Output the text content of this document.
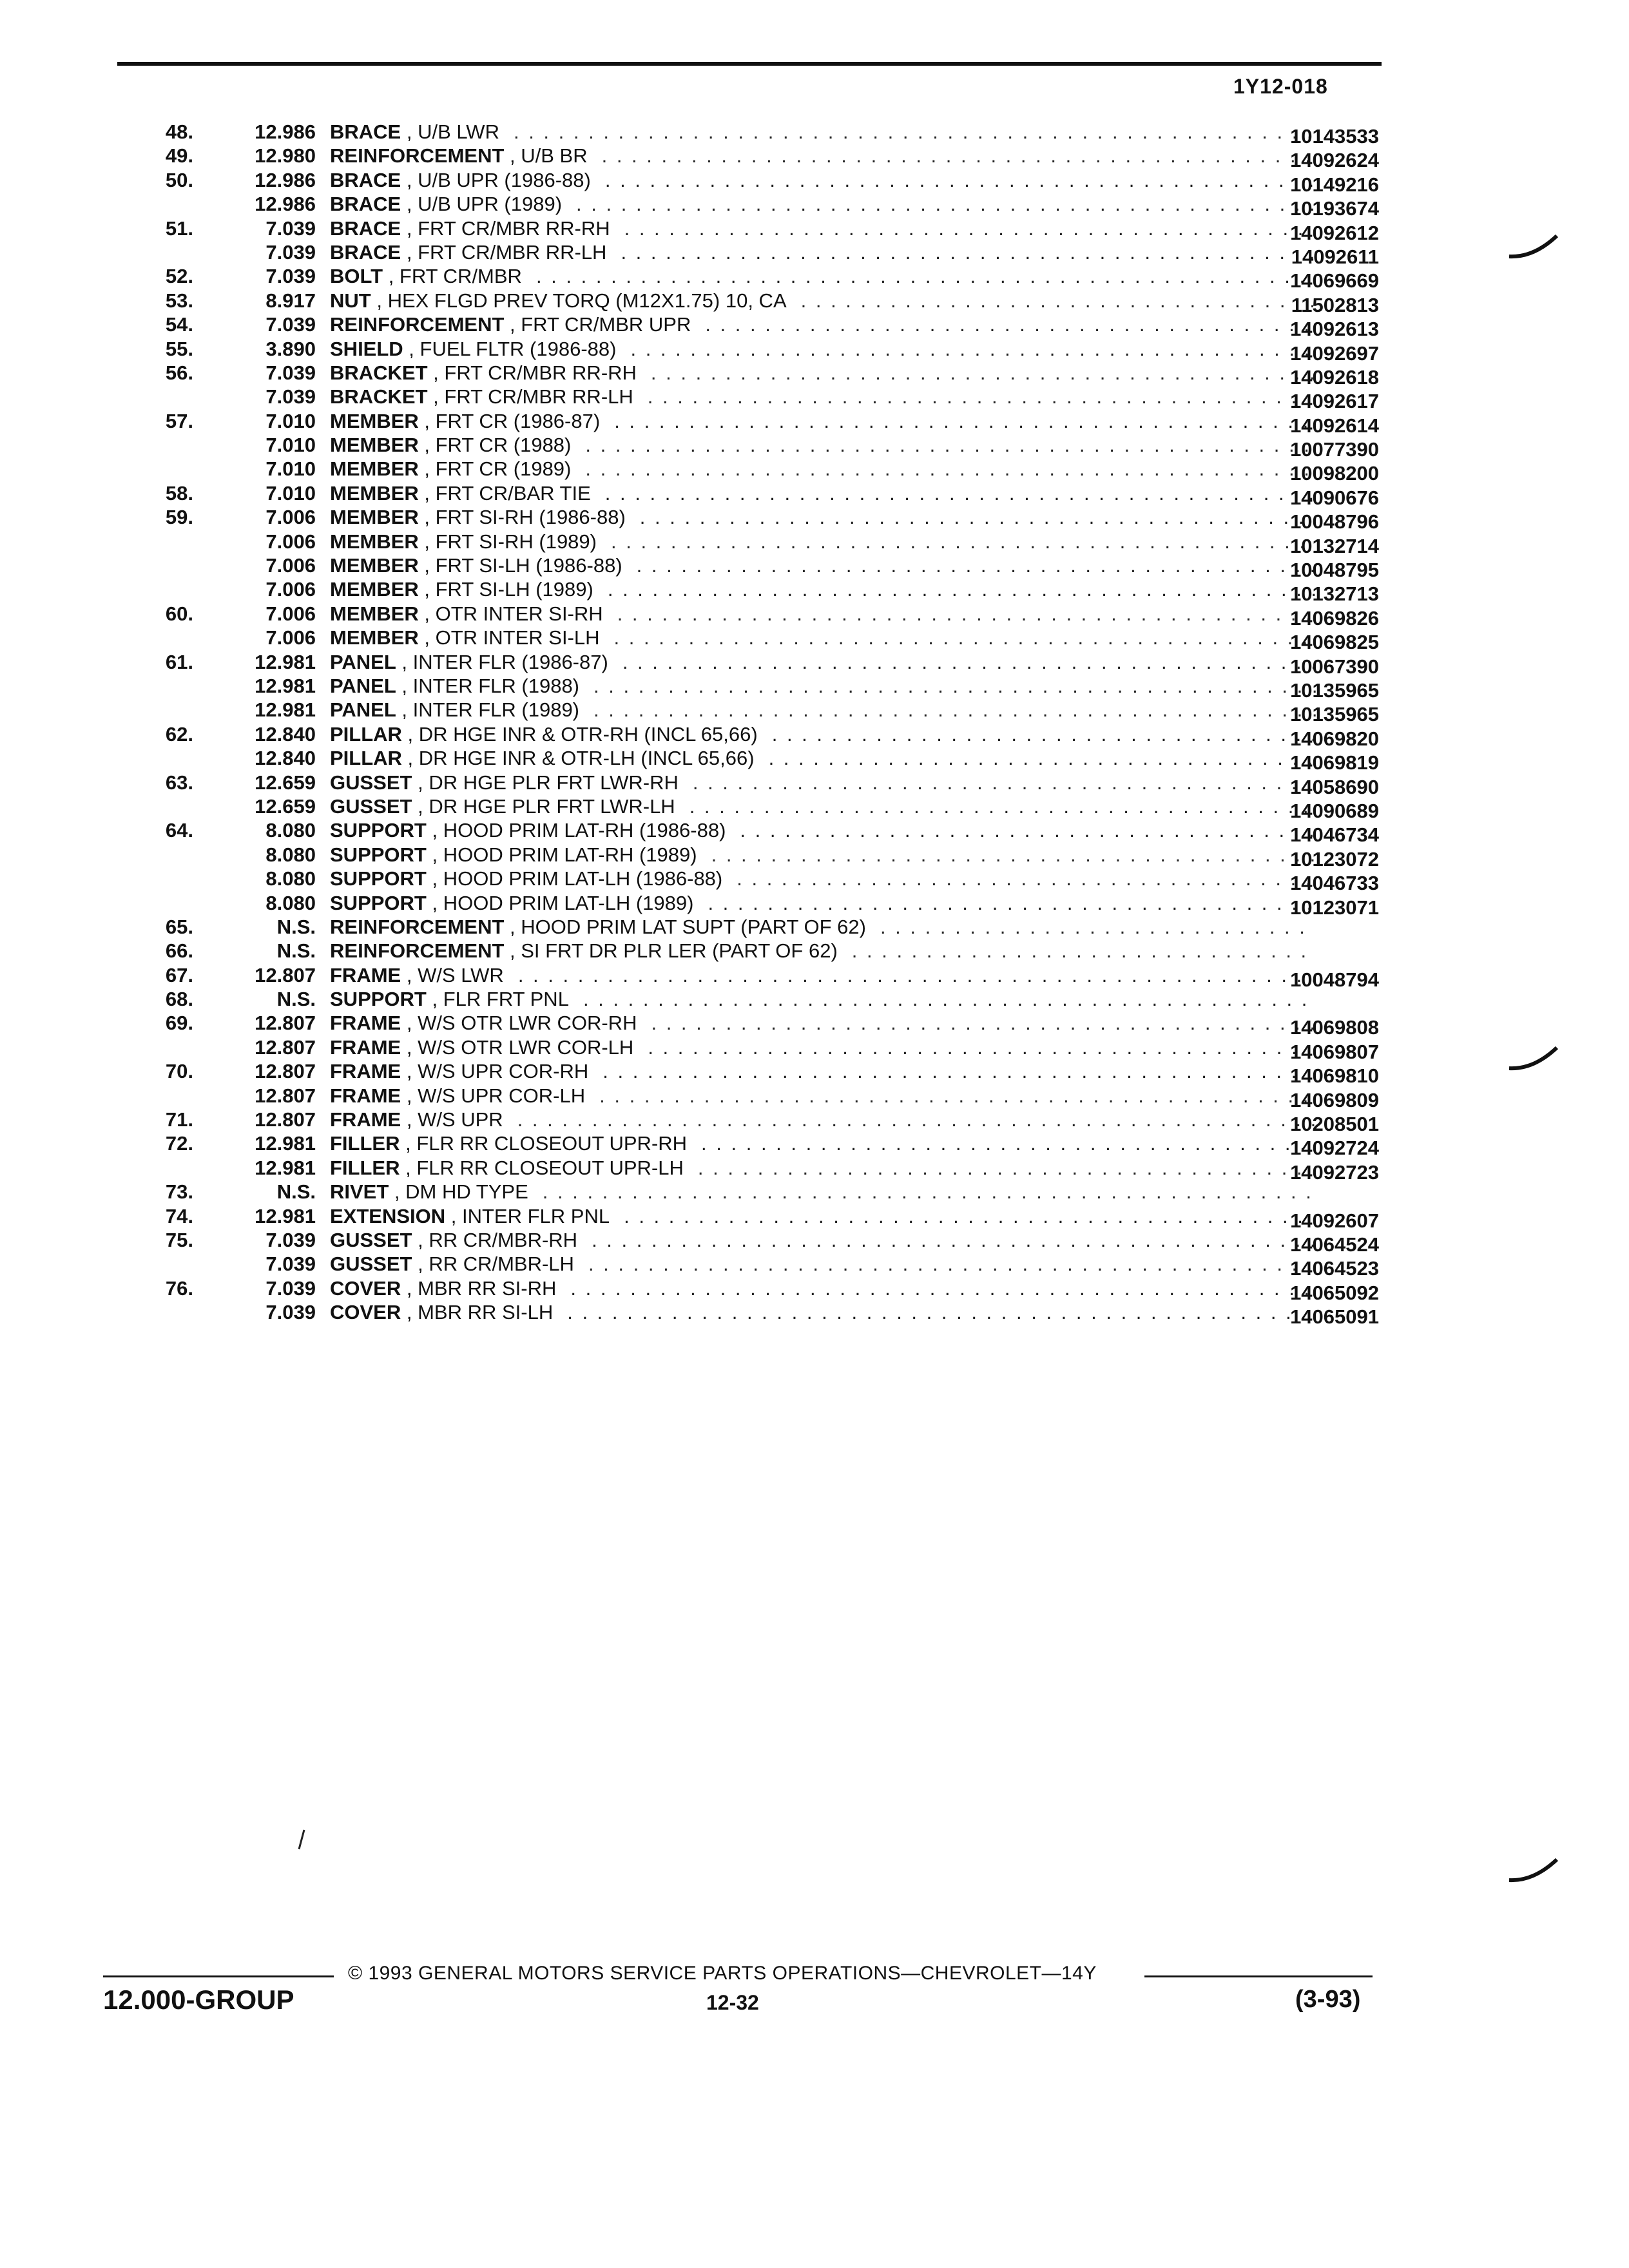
1Y12-018
48.	12.986 BRACE , U/B LWR . . .	10143533
49.	12.980 REINFORCEMENT , U/B BR . . .	14092624
50.	12.986 BRACE , U/B UPR (1986-88) . . .	10149216
12.986 BRACE , U/B UPR (1989) . . .	10193674
51.	7.039 BRACE , FRT CR/MBR RR-RH . . .	14092612
7.039 BRACE , FRT CR/MBR RR-LH . . .	14092611
52.	7.039 BOLT , FRT CR/MBR . . .	14069669
53.	8.917 NUT , HEX FLGD PREV TORQ (M12X1.75) 10, CA . . .	11502813
54.	7.039 REINFORCEMENT , FRT CR/MBR UPR . . .	14092613
55.	3.890 SHIELD , FUEL FLTR (1986-88) . . .	14092697
56.	7.039 BRACKET , FRT CR/MBR RR-RH . . .	14092618
7.039 BRACKET , FRT CR/MBR RR-LH . . .	14092617
57.	7.010 MEMBER , FRT CR (1986-87) . . .	14092614
7.010 MEMBER , FRT CR (1988) . . .	10077390
7.010 MEMBER , FRT CR (1989) . . .	10098200
58.	7.010 MEMBER , FRT CR/BAR TIE . . .	14090676
59.	7.006 MEMBER , FRT SI-RH (1986-88) . . .	10048796
7.006 MEMBER , FRT SI-RH (1989) . . .	10132714
7.006 MEMBER , FRT SI-LH (1986-88) . . .	10048795
7.006 MEMBER , FRT SI-LH (1989) . . .	10132713
60.	7.006 MEMBER , OTR INTER SI-RH . . .	14069826
7.006 MEMBER , OTR INTER SI-LH . . .	14069825
61.	12.981 PANEL , INTER FLR (1986-87) . . .	10067390
12.981 PANEL , INTER FLR (1988) . . .	10135965
12.981 PANEL , INTER FLR (1989) . . .	10135965
62.	12.840 PILLAR , DR HGE INR & OTR-RH (INCL 65,66) . . .	14069820
12.840 PILLAR , DR HGE INR & OTR-LH (INCL 65,66) . . .	14069819
63.	12.659 GUSSET , DR HGE PLR FRT LWR-RH . . .	14058690
12.659 GUSSET , DR HGE PLR FRT LWR-LH . . .	14090689
64.	8.080 SUPPORT , HOOD PRIM LAT-RH (1986-88) . . .	14046734
8.080 SUPPORT , HOOD PRIM LAT-RH (1989) . . .	10123072
8.080 SUPPORT , HOOD PRIM LAT-LH (1986-88) . . .	14046733
8.080 SUPPORT , HOOD PRIM LAT-LH (1989) . . .	10123071
65.	N.S. REINFORCEMENT , HOOD PRIM LAT SUPT (PART OF 62)
. . .
66.	N.S. REINFORCEMENT , SI FRT DR PLR LER (PART OF 62)
. . .
67.	12.807 FRAME , W/S LWR . . .	10048794
68.	N.S. SUPPORT , FLR FRT PNL
. . .
69.	12.807 FRAME , W/S OTR LWR COR-RH . . .	14069808
12.807 FRAME , W/S OTR LWR COR-LH . . .	14069807
70.	12.807 FRAME , W/S UPR COR-RH . . .	14069810
12.807 FRAME , W/S UPR COR-LH . . .	14069809
71.	12.807 FRAME , W/S UPR . . .	10208501
72.	12.981 FILLER , FLR RR CLOSEOUT UPR-RH . . .	14092724
12.981 FILLER , FLR RR CLOSEOUT UPR-LH . . .	14092723
73.	N.S. RIVET , DM HD TYPE
. . .
74.	12.981 EXTENSION , INTER FLR PNL . . .	14092607
75.	7.039 GUSSET , RR CR/MBR-RH . . .	14064524
7.039 GUSSET , RR CR/MBR-LH . . .	14064523
76.	7.039 COVER , MBR RR SI-RH . . .	14065092
7.039 COVER , MBR RR SI-LH . . .	14065091
© 1993 GENERAL MOTORS SERVICE PARTS OPERATIONS—CHEVROLET—14Y
12.000-GROUP	12-32	(3-93)
